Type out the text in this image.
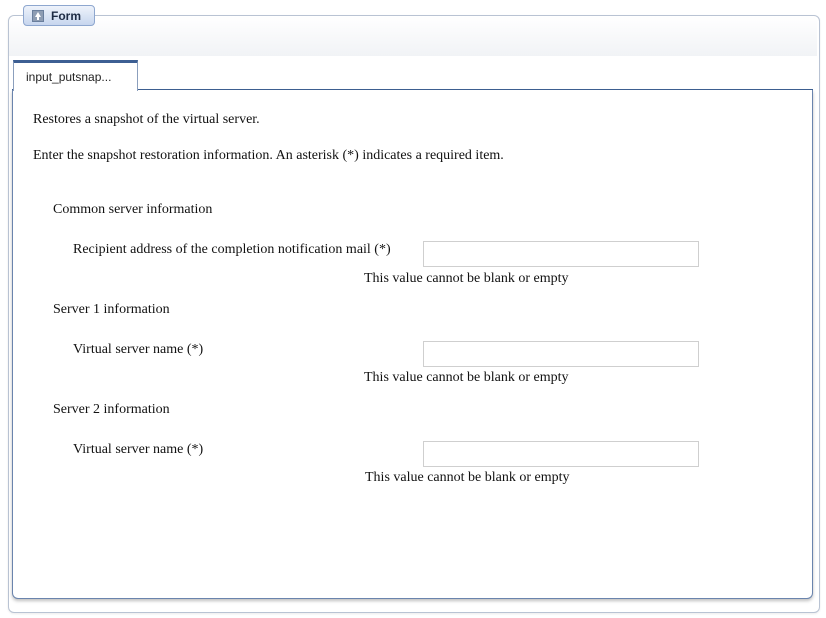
Form
input_putsnap...
Restores a snapshot of the virtual server.
Enter the snapshot restoration information. An asterisk (*) indicates a required item.
Common server information
Recipient address of the completion notification mail (*)
This value cannot be blank or empty
Server 1 information
Virtual server name (*)
This value cannot be blank or empty
Server 2 information
Virtual server name (*)
This value cannot be blank or empty
